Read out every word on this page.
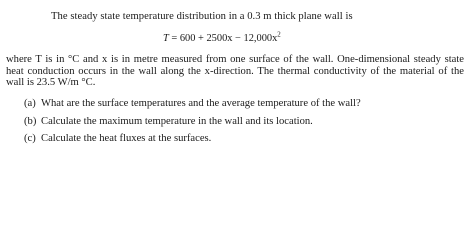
The steady state temperature distribution in a 0.3 m thick plane wall is

$T = 600 + 2500x - 12,000x^2$

where T is in °C and x is in metre measured from one surface of the wall. One-dimensional steady state heat conduction occurs in the wall along the x-direction. The thermal conductivity of the material of the wall is 23.5 W/m °C.

(a) What are the surface temperatures and the average temperature of the wall?
(b) Calculate the maximum temperature in the wall and its location.
(c) Calculate the heat fluxes at the surfaces.
